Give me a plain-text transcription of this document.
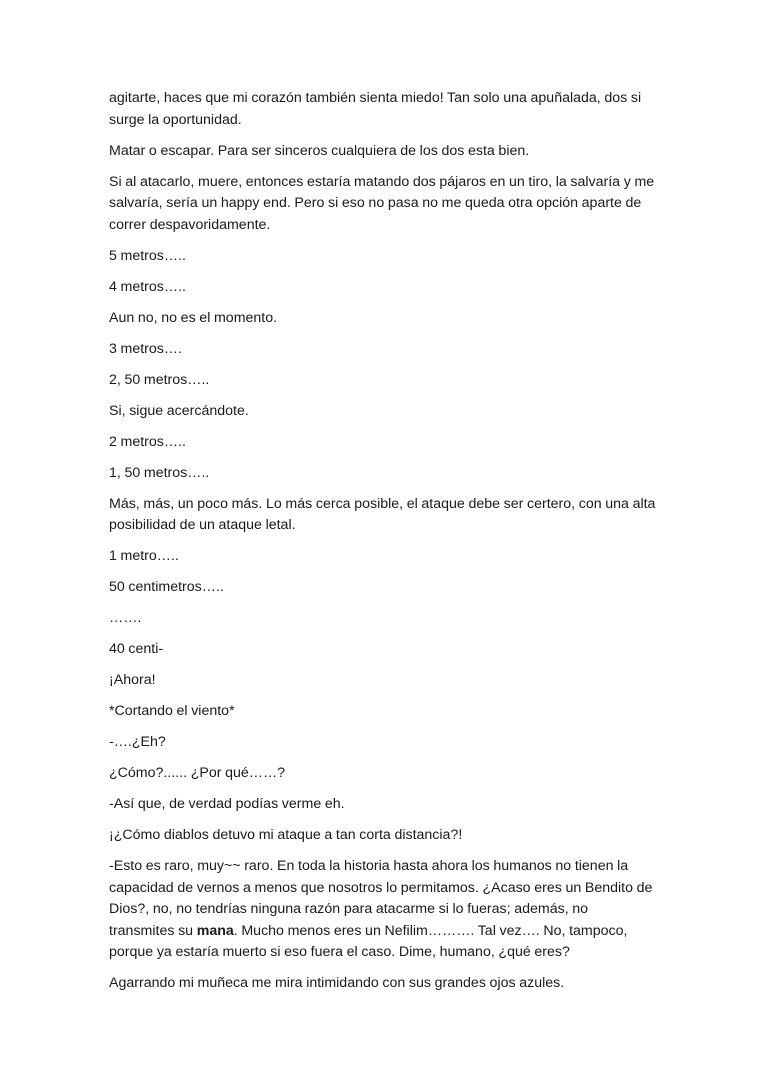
agitarte, haces que mi corazón también sienta miedo! Tan solo una apuñalada, dos si surge la oportunidad.

Matar o escapar. Para ser sinceros cualquiera de los dos esta bien.

Si al atacarlo, muere, entonces estaría matando dos pájaros en un tiro, la salvaría y me salvaría, sería un happy end. Pero si eso no pasa no me queda otra opción aparte de correr despavoridamente.

5 metros…..

4 metros…..

Aun no, no es el momento.

3 metros….

2, 50 metros…..

Si, sigue acercándote.

2 metros…..

1, 50 metros…..

Más, más, un poco más. Lo más cerca posible, el ataque debe ser certero, con una alta posibilidad de un ataque letal.

1 metro…..

50 centimetros…..

…….

40 centi-

¡Ahora!

*Cortando el viento*

-….¿Eh?

¿Cómo?...... ¿Por qué……?

-Así que, de verdad podías verme eh.

¡¿Cómo diablos detuvo mi ataque a tan corta distancia?!

-Esto es raro, muy~~ raro. En toda la historia hasta ahora los humanos no tienen la capacidad de vernos a menos que nosotros lo permitamos. ¿Acaso eres un Bendito de Dios?, no, no tendrías ninguna razón para atacarme si lo fueras; además, no transmites su mana. Mucho menos eres un Nefilim………. Tal vez…. No, tampoco, porque ya estaría muerto si eso fuera el caso. Dime, humano, ¿qué eres?

Agarrando mi muñeca me mira intimidando con sus grandes ojos azules.
